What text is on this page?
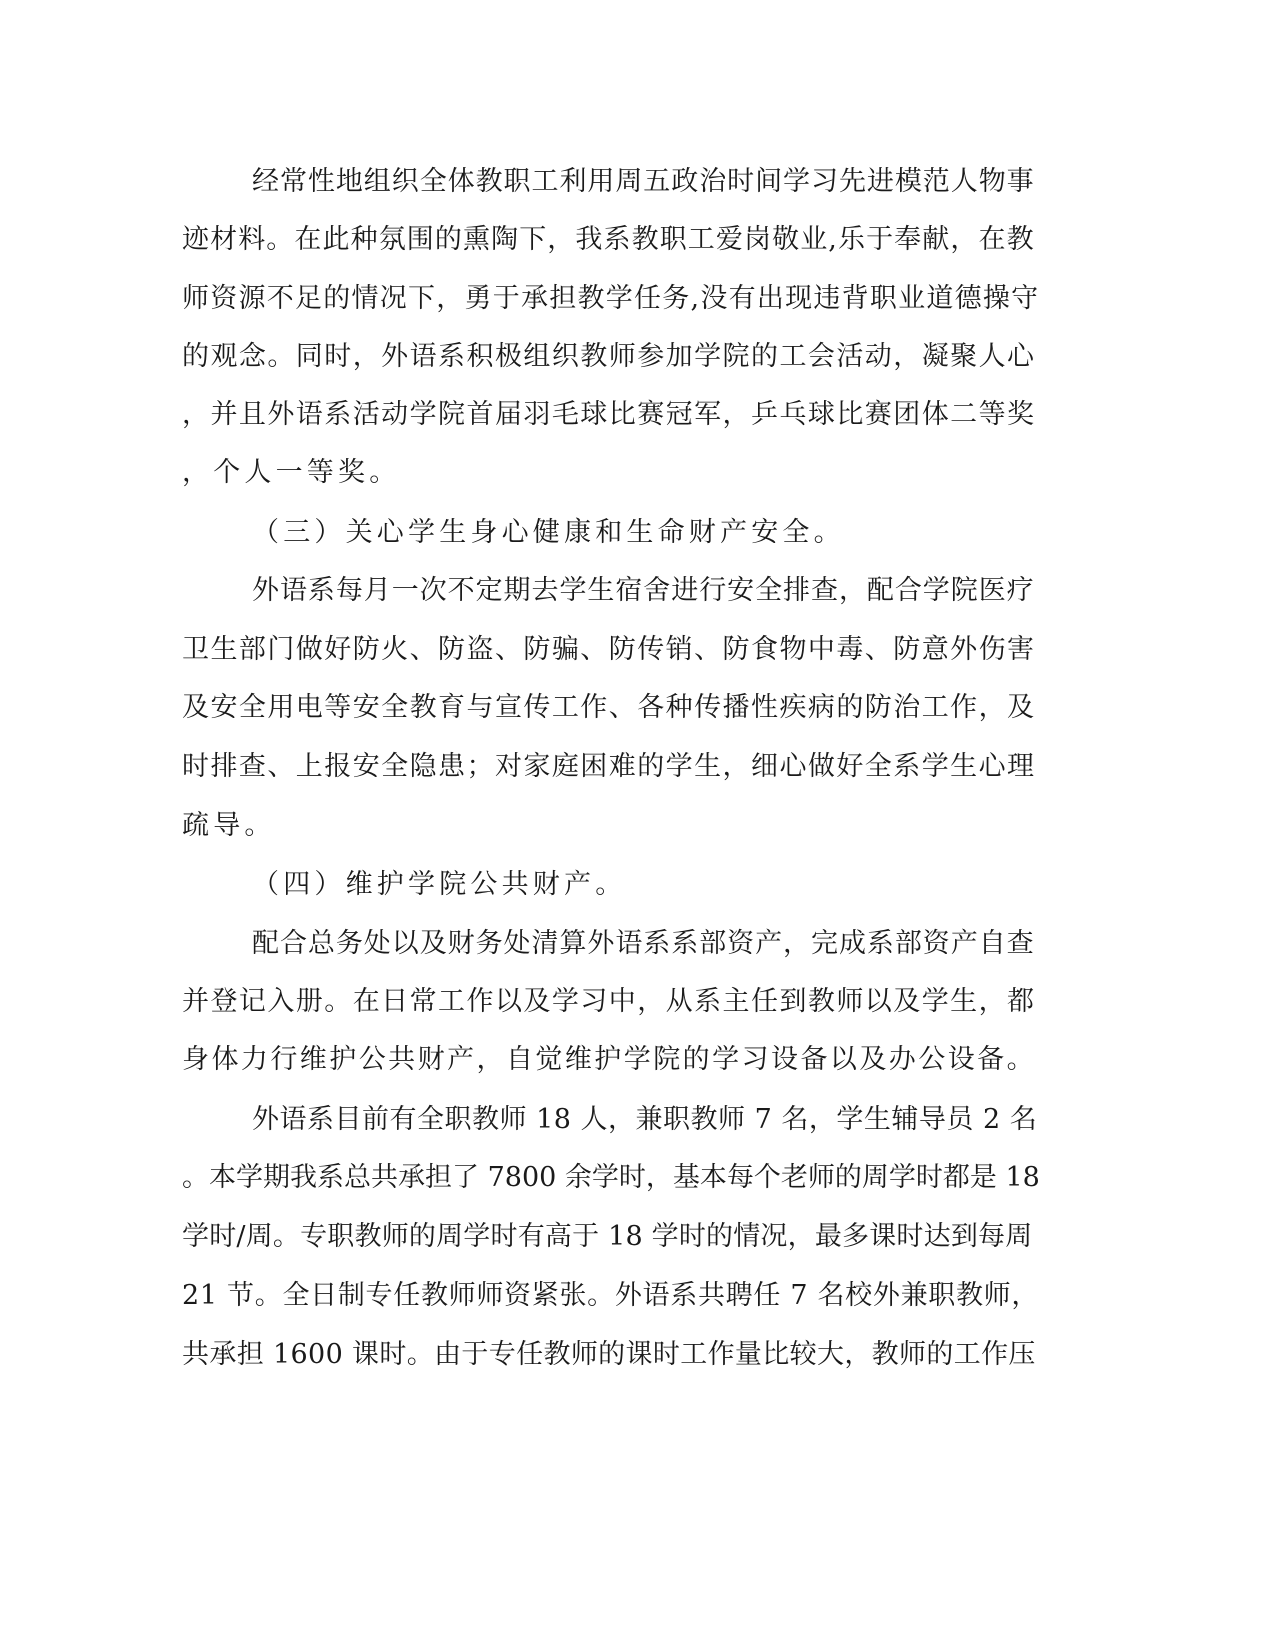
经常性地组织全体教职工利用周五政治时间学习先进模范人物事
迹材料。在此种氛围的熏陶下，我系教职工爱岗敬业,乐于奉献，在教
师资源不足的情况下，勇于承担教学任务,没有出现违背职业道德操守
的观念。同时，外语系积极组织教师参加学院的工会活动，凝聚人心
，并且外语系活动学院首届羽毛球比赛冠军，乒乓球比赛团体二等奖
，个人一等奖。
（三）关心学生身心健康和生命财产安全。
外语系每月一次不定期去学生宿舍进行安全排查，配合学院医疗
卫生部门做好防火、防盗、防骗、防传销、防食物中毒、防意外伤害
及安全用电等安全教育与宣传工作、各种传播性疾病的防治工作，及
时排查、上报安全隐患；对家庭困难的学生，细心做好全系学生心理
疏导。
（四）维护学院公共财产。
配合总务处以及财务处清算外语系系部资产，完成系部资产自查
并登记入册。在日常工作以及学习中，从系主任到教师以及学生，都
身体力行维护公共财产，自觉维护学院的学习设备以及办公设备。
外语系目前有全职教师 18 人，兼职教师 7 名，学生辅导员 2 名
。本学期我系总共承担了 7800 余学时，基本每个老师的周学时都是 18
学时/周。专职教师的周学时有高于 18 学时的情况，最多课时达到每周
21 节。全日制专任教师师资紧张。外语系共聘任 7 名校外兼职教师，
共承担 1600 课时。由于专任教师的课时工作量比较大，教师的工作压
